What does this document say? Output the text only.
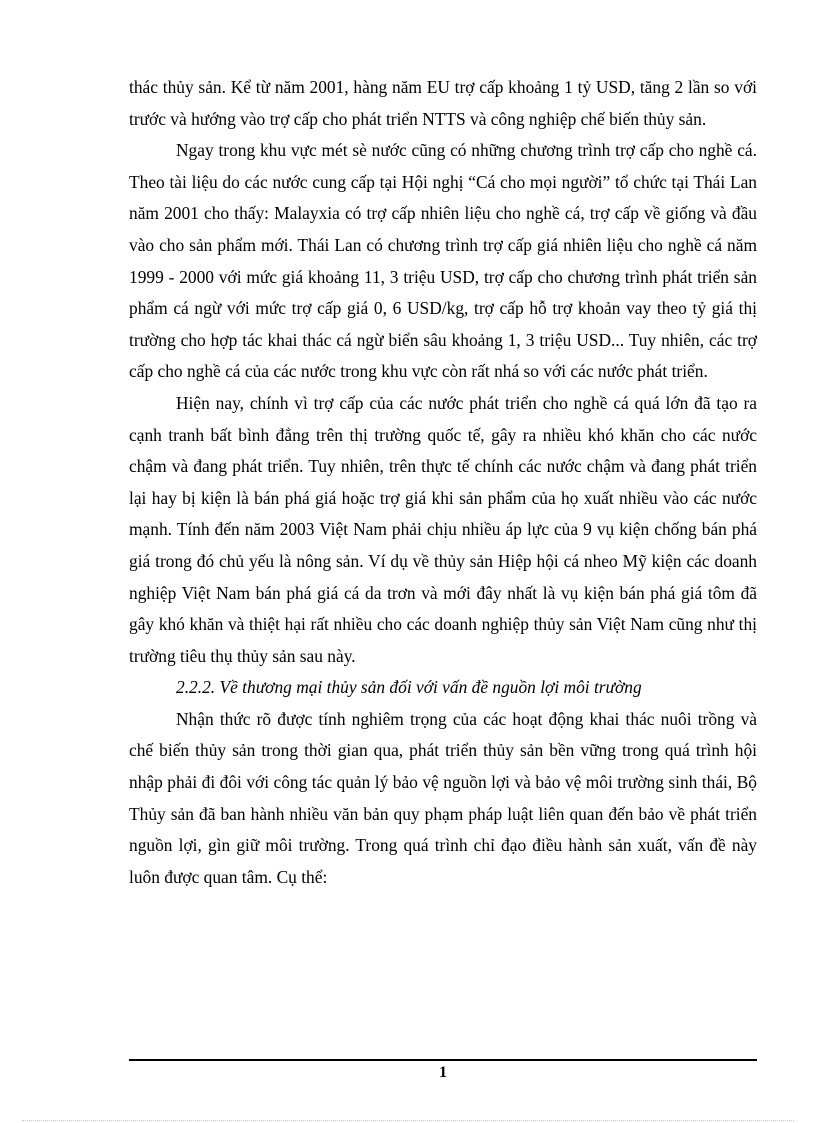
thác thủy sản. Kể từ năm 2001, hàng năm EU trợ cấp khoảng 1 tỷ USD, tăng 2 lần so với trước và hướng vào trợ cấp cho phát triển NTTS và công nghiệp chế biến thủy sản.

Ngay trong khu vực mét sè nước cũng có những chương trình trợ cấp cho nghề cá. Theo tài liệu do các nước cung cấp tại Hội nghị “Cá cho mọi người” tổ chức tại Thái Lan năm 2001 cho thấy: Malayxia có trợ cấp nhiên liệu cho nghề cá, trợ cấp về giống và đầu vào cho sản phẩm mới. Thái Lan có chương trình trợ cấp giá nhiên liệu cho nghề cá năm 1999 - 2000 với mức giá khoảng 11, 3 triệu USD, trợ cấp cho chương trình phát triển sản phẩm cá ngừ với mức trợ cấp giá 0, 6 USD/kg, trợ cấp hỗ trợ khoản vay theo tỷ giá thị trường cho hợp tác khai thác cá ngừ biển sâu khoảng 1, 3 triệu USD... Tuy nhiên, các trợ cấp cho nghề cá của các nước trong khu vực còn rất nhá so với các nước phát triển.

Hiện nay, chính vì trợ cấp của các nước phát triển cho nghề cá quá lớn đã tạo ra cạnh tranh bất bình đẳng trên thị trường quốc tế, gây ra nhiều khó khăn cho các nước chậm và đang phát triển. Tuy nhiên, trên thực tế chính các nước chậm và đang phát triển lại hay bị kiện là bán phá giá hoặc trợ giá khi sản phẩm của họ xuất nhiều vào các nước mạnh. Tính đến năm 2003 Việt Nam phải chịu nhiều áp lực của 9 vụ kiện chống bán phá giá trong đó chủ yếu là nông sản. Ví dụ về thủy sản Hiệp hội cá nheo Mỹ kiện các doanh nghiệp Việt Nam bán phá giá cá da trơn và mới đây nhất là vụ kiện bán phá giá tôm đã gây khó khăn và thiệt hại rất nhiều cho các doanh nghiệp thủy sản Việt Nam cũng như thị trường tiêu thụ thủy sản sau này.

2.2.2. Về thương mại thủy sản đối với vấn đề nguồn lợi môi trường

Nhận thức rõ được tính nghiêm trọng của các hoạt động khai thác nuôi trồng và chế biến thủy sản trong thời gian qua, phát triển thủy sản bền vững trong quá trình hội nhập phải đi đôi với công tác quản lý bảo vệ nguồn lợi và bảo vệ môi trường sinh thái, Bộ Thủy sản đã ban hành nhiều văn bản quy phạm pháp luật liên quan đến bảo về phát triển nguồn lợi, gìn giữ môi trường. Trong quá trình chỉ đạo điều hành sản xuất, vấn đề này luôn được quan tâm. Cụ thể:

1
